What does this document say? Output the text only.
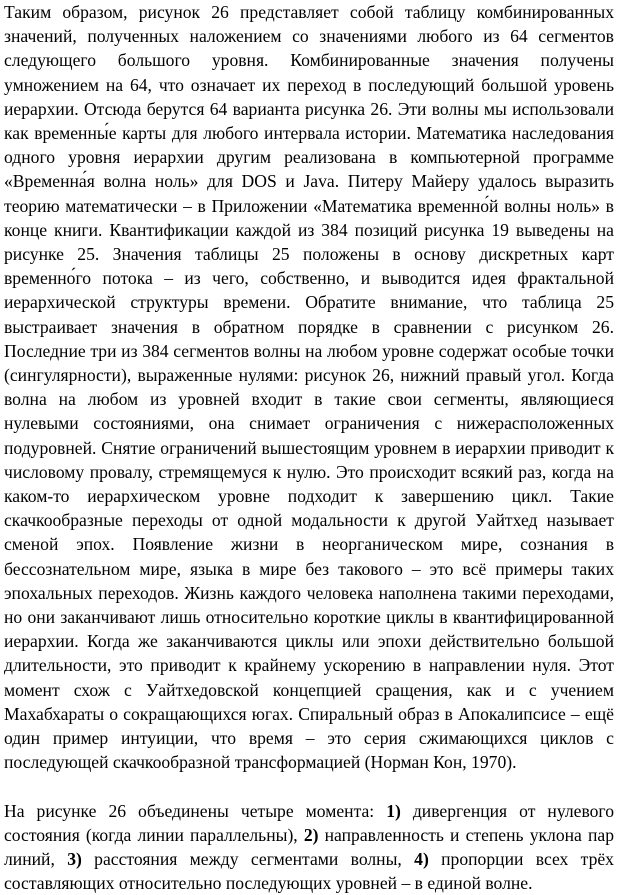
Таким образом, рисунок 26 представляет собой таблицу комбинированных значений, полученных наложением со значениями любого из 64 сегментов следующего большого уровня. Комбинированные значения получены умножением на 64, что означает их переход в последующий большой уровень иерархии. Отсюда берутся 64 варианта рисунка 26. Эти волны мы использовали как временны́е карты для любого интервала истории. Математика наследования одного уровня иерархии другим реализована в компьютерной программе «Временна́я волна ноль» для DOS и Java. Питеру Майеру удалось выразить теорию математически – в Приложении «Математика временно́й волны ноль» в конце книги. Квантификации каждой из 384 позиций рисунка 19 выведены на рисунке 25. Значения таблицы 25 положены в основу дискретных карт временно́го потока – из чего, собственно, и выводится идея фрактальной иерархической структуры времени. Обратите внимание, что таблица 25 выстраивает значения в обратном порядке в сравнении с рисунком 26. Последние три из 384 сегментов волны на любом уровне содержат особые точки (сингулярности), выраженные нулями: рисунок 26, нижний правый угол. Когда волна на любом из уровней входит в такие свои сегменты, являющиеся нулевыми состояниями, она снимает ограничения с нижерасположенных подуровней. Снятие ограничений вышестоящим уровнем в иерархии приводит к числовому провалу, стремящемуся к нулю. Это происходит всякий раз, когда на каком-то иерархическом уровне подходит к завершению цикл. Такие скачкообразные переходы от одной модальности к другой Уайтхед называет сменой эпох. Появление жизни в неорганическом мире, сознания в бессознательном мире, языка в мире без такового – это всё примеры таких эпохальных переходов. Жизнь каждого человека наполнена такими переходами, но они заканчивают лишь относительно короткие циклы в квантифицированной иерархии. Когда же заканчиваются циклы или эпохи действительно большой длительности, это приводит к крайнему ускорению в направлении нуля. Этот момент схож с Уайтхедовской концепцией сращения, как и с учением Махабхараты о сокращающихся югах. Спиральный образ в Апокалипсисе – ещё один пример интуиции, что время – это серия сжимающихся циклов с последующей скачкообразной трансформацией (Норман Кон, 1970).

На рисунке 26 объединены четыре момента: 1) дивергенция от нулевого состояния (когда линии параллельны), 2) направленность и степень уклона пар линий, 3) расстояния между сегментами волны, 4) пропорции всех трёх составляющих относительно последующих уровней – в единой волне.
